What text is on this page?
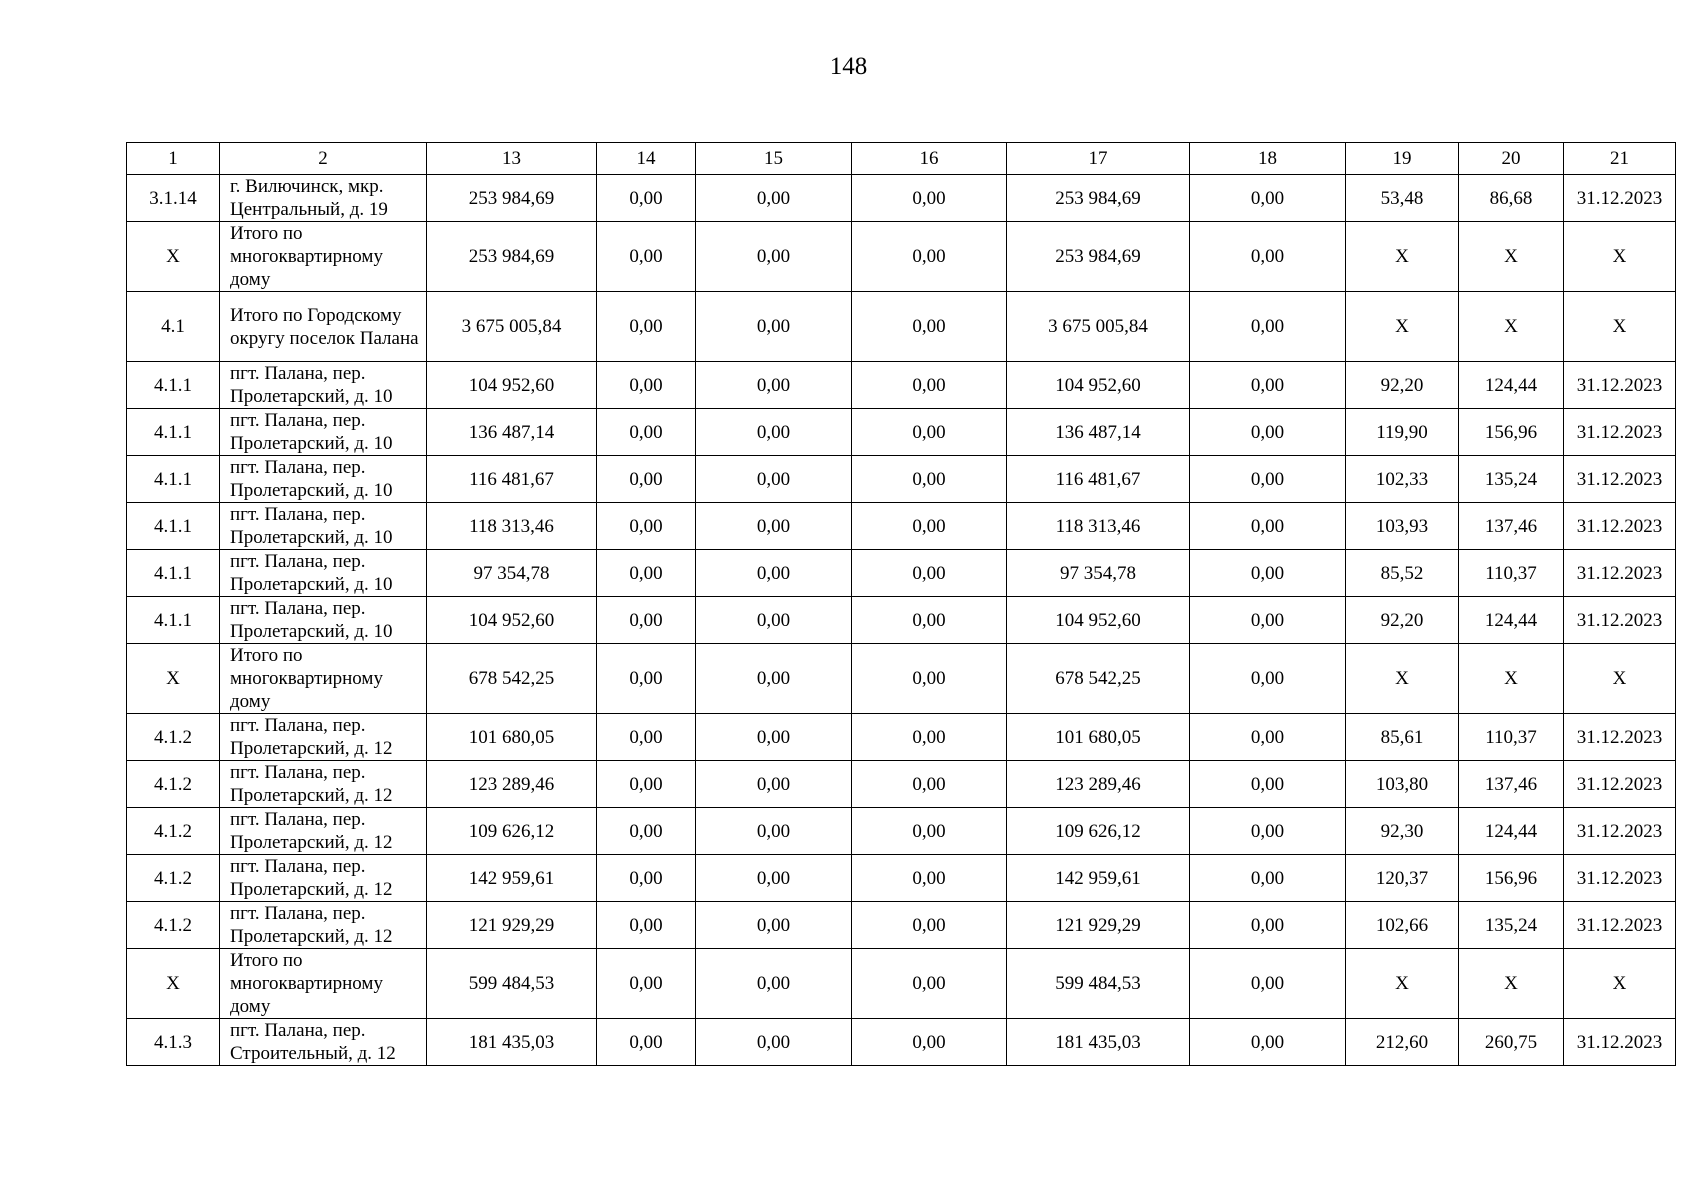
148
1	2	13	14	15	16	17	18	19	20	21
3.1.14	г. Вилючинск, мкр. Центральный, д. 19	253 984,69	0,00	0,00	0,00	253 984,69	0,00	53,48	86,68	31.12.2023
Х	Итого по многоквартирному дому	253 984,69	0,00	0,00	0,00	253 984,69	0,00	Х	Х	Х
4.1	Итого по Городскому округу поселок Палана	3 675 005,84	0,00	0,00	0,00	3 675 005,84	0,00	Х	Х	Х
4.1.1	пгт. Палана, пер. Пролетарский, д. 10	104 952,60	0,00	0,00	0,00	104 952,60	0,00	92,20	124,44	31.12.2023
4.1.1	пгт. Палана, пер. Пролетарский, д. 10	136 487,14	0,00	0,00	0,00	136 487,14	0,00	119,90	156,96	31.12.2023
4.1.1	пгт. Палана, пер. Пролетарский, д. 10	116 481,67	0,00	0,00	0,00	116 481,67	0,00	102,33	135,24	31.12.2023
4.1.1	пгт. Палана, пер. Пролетарский, д. 10	118 313,46	0,00	0,00	0,00	118 313,46	0,00	103,93	137,46	31.12.2023
4.1.1	пгт. Палана, пер. Пролетарский, д. 10	97 354,78	0,00	0,00	0,00	97 354,78	0,00	85,52	110,37	31.12.2023
4.1.1	пгт. Палана, пер. Пролетарский, д. 10	104 952,60	0,00	0,00	0,00	104 952,60	0,00	92,20	124,44	31.12.2023
Х	Итого по многоквартирному дому	678 542,25	0,00	0,00	0,00	678 542,25	0,00	Х	Х	Х
4.1.2	пгт. Палана, пер. Пролетарский, д. 12	101 680,05	0,00	0,00	0,00	101 680,05	0,00	85,61	110,37	31.12.2023
4.1.2	пгт. Палана, пер. Пролетарский, д. 12	123 289,46	0,00	0,00	0,00	123 289,46	0,00	103,80	137,46	31.12.2023
4.1.2	пгт. Палана, пер. Пролетарский, д. 12	109 626,12	0,00	0,00	0,00	109 626,12	0,00	92,30	124,44	31.12.2023
4.1.2	пгт. Палана, пер. Пролетарский, д. 12	142 959,61	0,00	0,00	0,00	142 959,61	0,00	120,37	156,96	31.12.2023
4.1.2	пгт. Палана, пер. Пролетарский, д. 12	121 929,29	0,00	0,00	0,00	121 929,29	0,00	102,66	135,24	31.12.2023
Х	Итого по многоквартирному дому	599 484,53	0,00	0,00	0,00	599 484,53	0,00	Х	Х	Х
4.1.3	пгт. Палана, пер. Строительный, д. 12	181 435,03	0,00	0,00	0,00	181 435,03	0,00	212,60	260,75	31.12.2023
